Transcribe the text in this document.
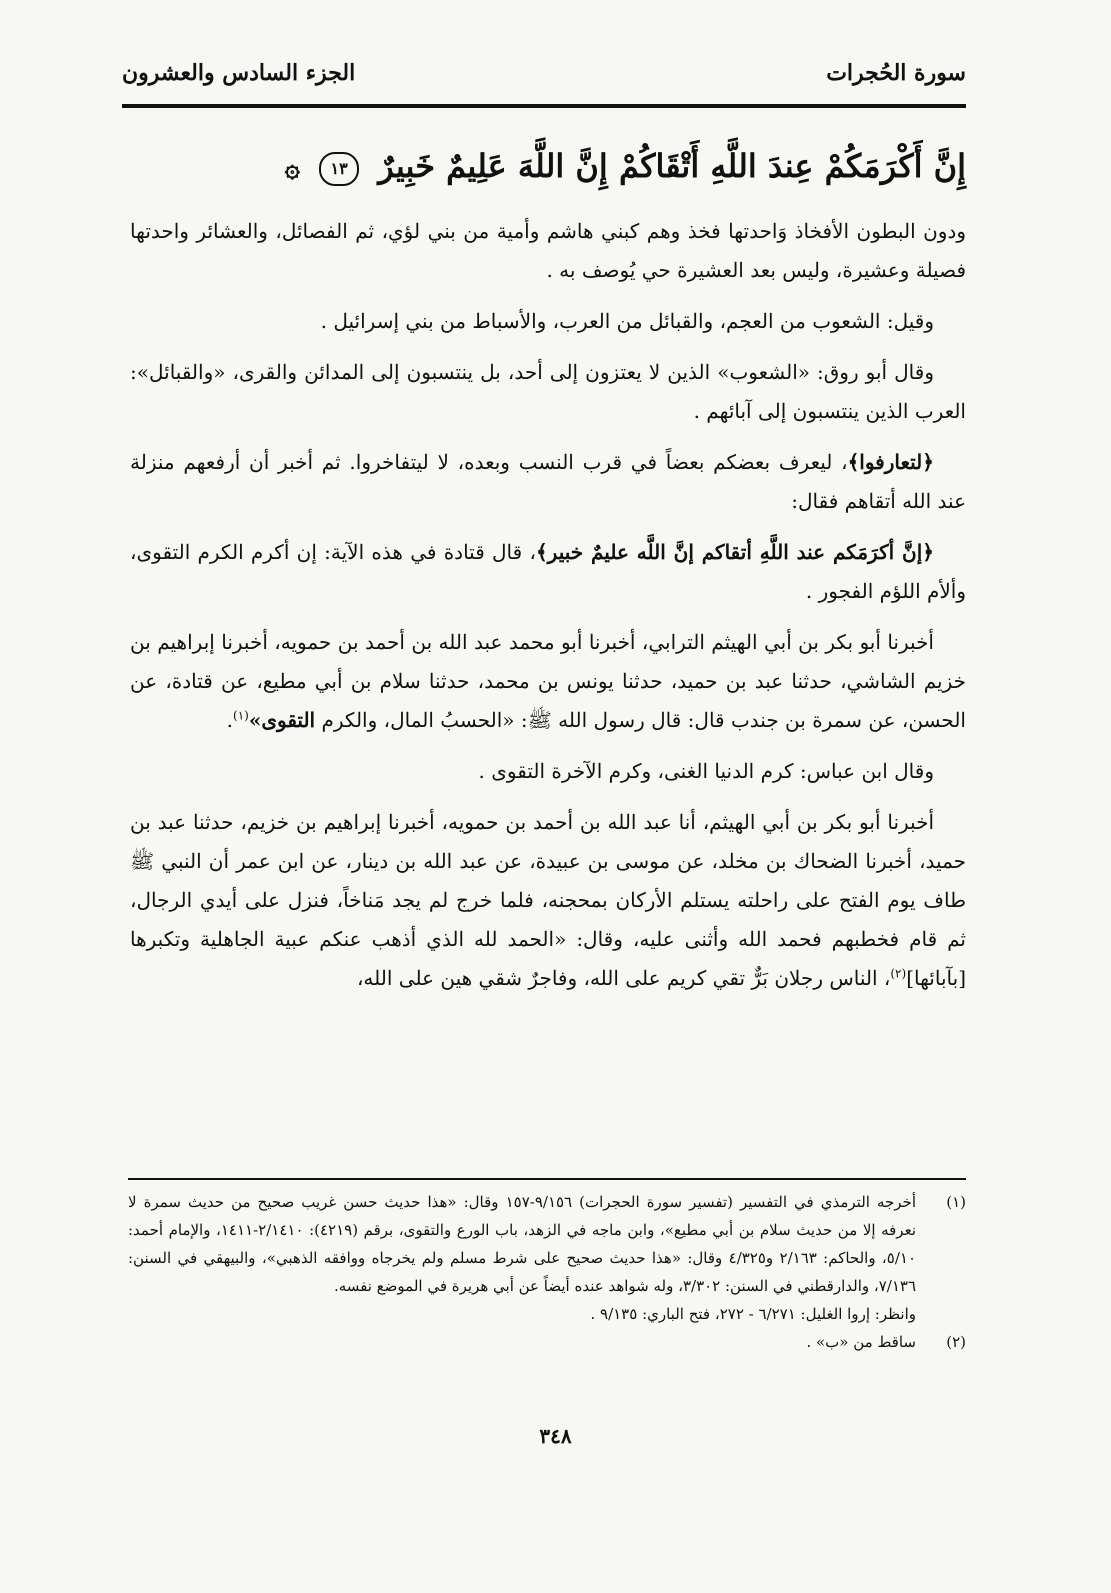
الجزء السادس والعشرون	سورة الحُجرات
إِنَّ أَكْرَمَكُمْ عِندَ اللَّهِ أَتْقَاكُمْ إِنَّ اللَّهَ عَلِيمٌ خَبِيرٌ ١٣ ۞

ودون البطون الأفخاذ وَاحدتها فخذ وهم كبني هاشم وأمية من بني لؤي، ثم الفصائل، والعشائر واحدتها فصيلة وعشيرة، وليس بعد العشيرة حي يُوصف به .

وقيل: الشعوب من العجم، والقبائل من العرب، والأسباط من بني إسرائيل .

وقال أبو روق: «الشعوب» الذين لا يعتزون إلى أحد، بل ينتسبون إلى المدائن والقرى، «والقبائل»: العرب الذين ينتسبون إلى آبائهم .

﴿لتعارفوا﴾، ليعرف بعضكم بعضاً في قرب النسب وبعده، لا ليتفاخروا. ثم أخبر أن أرفعهم منزلة عند الله أتقاهم فقال:

﴿إنَّ أكرَمَكم عند اللَّهِ أتقاكم إنَّ اللَّه عليمٌ خبير﴾، قال قتادة في هذه الآية: إن أكرم الكرم التقوى، وألأم اللؤم الفجور .

أخبرنا أبو بكر بن أبي الهيثم الترابي، أخبرنا أبو محمد عبد الله بن أحمد بن حمويه، أخبرنا إبراهيم بن خزيم الشاشي، حدثنا عبد بن حميد، حدثنا يونس بن محمد، حدثنا سلام بن أبي مطيع، عن قتادة، عن الحسن، عن سمرة بن جندب قال: قال رسول الله ﷺ: «الحسبُ المال، والكرم التقوى»$^{(١)}$.

وقال ابن عباس: كرم الدنيا الغنى، وكرم الآخرة التقوى .

أخبرنا أبو بكر بن أبي الهيثم، أنا عبد الله بن أحمد بن حمويه، أخبرنا إبراهيم بن خزيم، حدثنا عبد بن حميد، أخبرنا الضحاك بن مخلد، عن موسى بن عبيدة، عن عبد الله بن دينار، عن ابن عمر أن النبي ﷺ طاف يوم الفتح على راحلته يستلم الأركان بمحجنه، فلما خرج لم يجد مَناخاً، فنزل على أيدي الرجال، ثم قام فخطبهم فحمد الله وأثنى عليه، وقال: «الحمد لله الذي أذهب عنكم عبية الجاهلية وتكبرها [بآبائها]$^{(٢)}$، الناس رجلان بَرٌّ تقي كريم على الله، وفاجرٌ شقي هين على الله،

(١)
أخرجه الترمذي في التفسير (تفسير سورة الحجرات) ٩/١٥٦-١٥٧ وقال: «هذا حديث حسن غريب صحيح من حديث سمرة لا نعرفه إلا من حديث سلام بن أبي مطيع»، وابن ماجه في الزهد، باب الورع والتقوى، برقم (٤٢١٩): ٢/١٤١٠-١٤١١، والإمام أحمد: ٥/١٠، والحاكم: ٢/١٦٣ و٤/٣٢٥ وقال: «هذا حديث صحيح على شرط مسلم ولم يخرجاه ووافقه الذهبي»، والبيهقي في السنن: ٧/١٣٦، والدارقطني في السنن: ٣/٣٠٢، وله شواهد عنده أيضاً عن أبي هريرة في الموضع نفسه.
وانظر: إروا الغليل: ٦/٢٧١ - ٢٧٢، فتح الباري: ٩/١٣٥ .
(٢)
ساقط من «ب» .
٣٤٨
